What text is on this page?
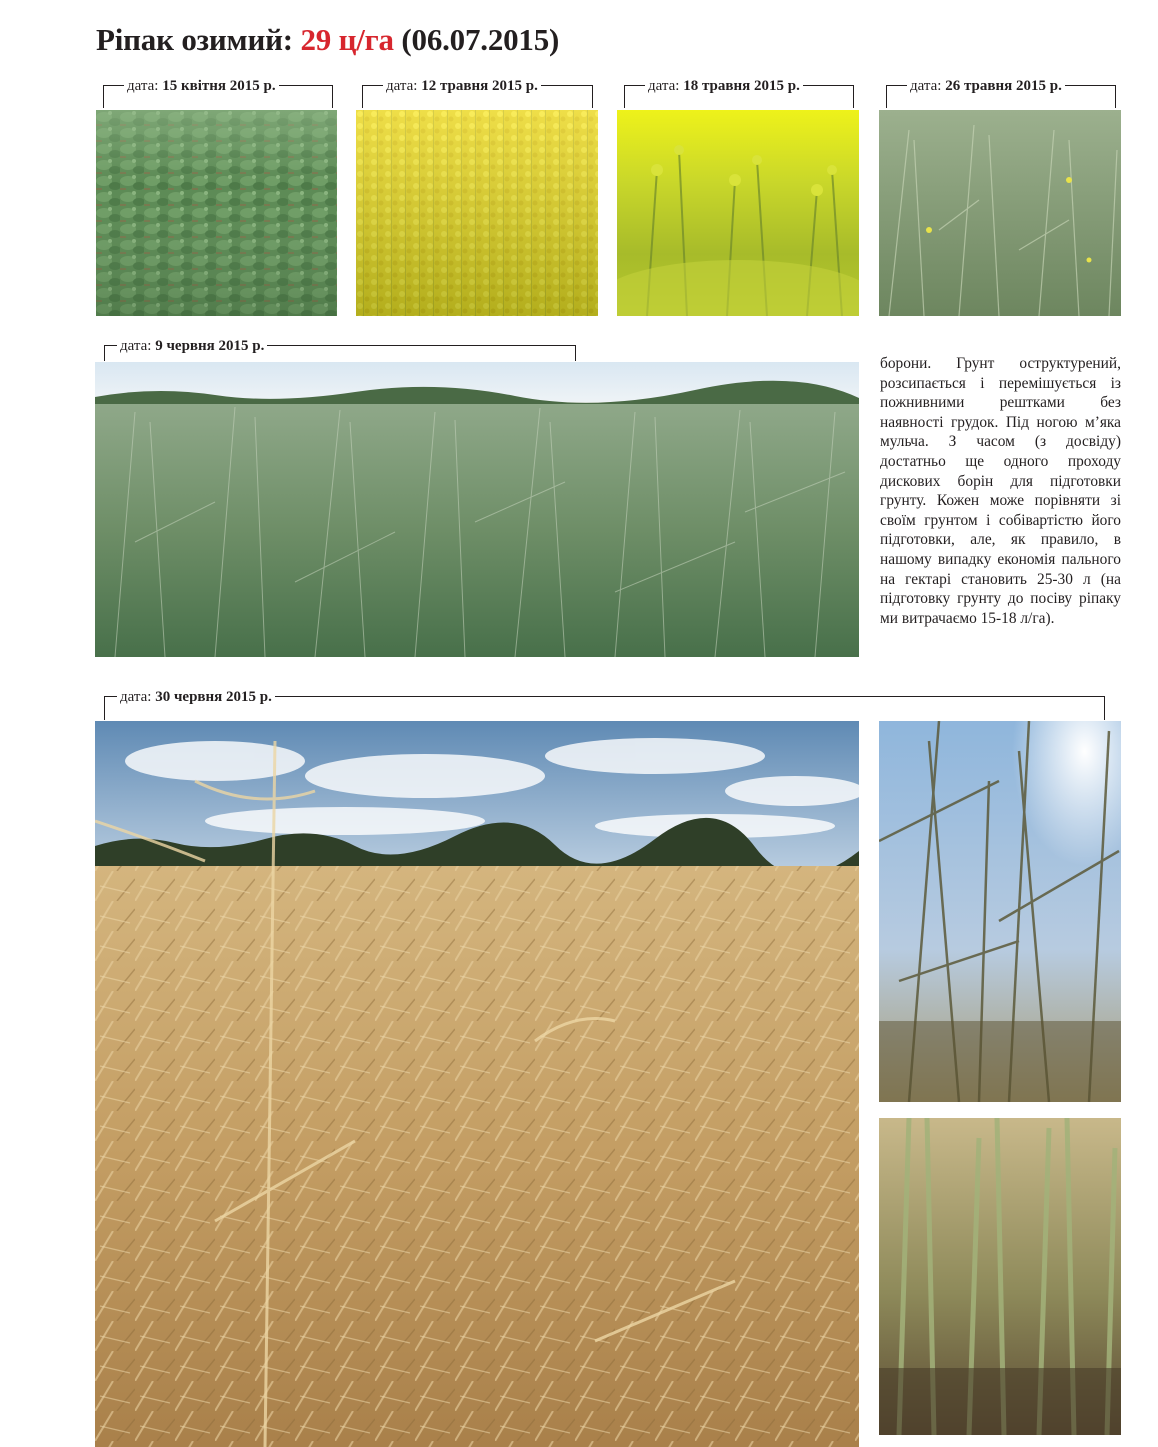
Ріпак озимий: 29 ц/га (06.07.2015)
дата: 15 квітня 2015 р.	дата: 12 травня 2015 р.	дата: 18 травня 2015 р.	дата: 26 травня 2015 р.
дата: 9 червня 2015 р.

борони. Грунт оструктурений, розсипається і перемішується із пожнивними рештками без наявності грудок. Під ногою м’яка мульча. З часом (з досвіду) достатньо ще одного проходу дискових борін для підготовки грунту. Кожен може порівняти зі своїм грунтом і собівартістю його підготовки, але, як правило, в нашому випадку економія пального на гектарі становить 25-30 л (на підготовку грунту до посіву ріпаку ми витрачаємо 15-18 л/га).

дата: 30 червня 2015 р.
